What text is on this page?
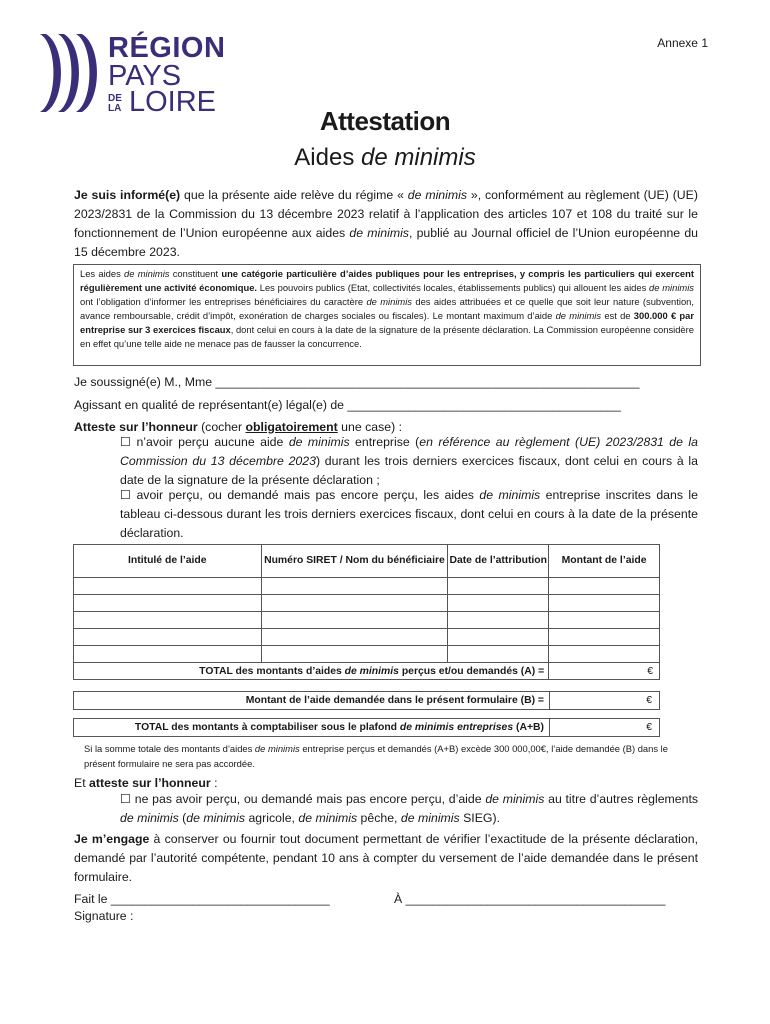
RÉGION
PAYS
DE
LA LOIRE
Annexe 1
Attestation
Aides de minimis
Je suis informé(e) que la présente aide relève du régime « de minimis », conformément au règlement (UE) (UE) 2023/2831 de la Commission du 13 décembre 2023 relatif à l’application des articles 107 et 108 du traité sur le fonctionnement de l’Union européenne aux aides de minimis, publié au Journal officiel de l’Union européenne du 15 décembre 2023.
Les aides de minimis constituent une catégorie particulière d’aides publiques pour les entreprises, y compris les particuliers qui exercent régulièrement une activité économique. Les pouvoirs publics (Etat, collectivités locales, établissements publics) qui allouent les aides de minimis ont l’obligation d’informer les entreprises bénéficiaires du caractère de minimis des aides attribuées et ce quelle que soit leur nature (subvention, avance remboursable, crédit d’impôt, exonération de charges sociales ou fiscales). Le montant maximum d’aide de minimis est de 300.000 € par entreprise sur 3 exercices fiscaux, dont celui en cours à la date de la signature de la présente déclaration. La Commission européenne considère en effet qu’une telle aide ne menace pas de fausser la concurrence.
Je soussigné(e) M., Mme ______________________________________________________________
Agissant en qualité de représentant(e) légal(e) de ________________________________________
Atteste sur l’honneur (cocher obligatoirement une case) :
☐ n’avoir perçu aucune aide de minimis entreprise (en référence au règlement (UE) 2023/2831 de la Commission du 13 décembre 2023) durant les trois derniers exercices fiscaux, dont celui en cours à la date de la signature de la présente déclaration ;
☐ avoir perçu, ou demandé mais pas encore perçu, les aides de minimis entreprise inscrites dans le tableau ci-dessous durant les trois derniers exercices fiscaux, dont celui en cours à la date de la présente déclaration.
Intitulé de l’aide	Numéro SIRET / Nom du bénéficiaire	Date de l’attribution	Montant de l’aide

TOTAL des montants d’aides de minimis perçus et/ou demandés (A) =			€
Montant de l’aide demandée dans le présent formulaire (B) =	€
TOTAL des montants à comptabiliser sous le plafond de minimis entreprises (A+B)	€
Si la somme totale des montants d’aides de minimis entreprise perçus et demandés (A+B) excède 300 000,00€, l’aide demandée (B) dans le présent formulaire ne sera pas accordée.
Et atteste sur l’honneur :
☐ ne pas avoir perçu, ou demandé mais pas encore perçu, d’aide de minimis au titre d’autres règlements de minimis (de minimis agricole, de minimis pêche, de minimis SIEG).
Je m’engage à conserver ou fournir tout document permettant de vérifier l’exactitude de la présente déclaration, demandé par l’autorité compétente, pendant 10 ans à compter du versement de l’aide demandée dans le présent formulaire.
Fait le ________________________________	À ______________________________________
Signature :
